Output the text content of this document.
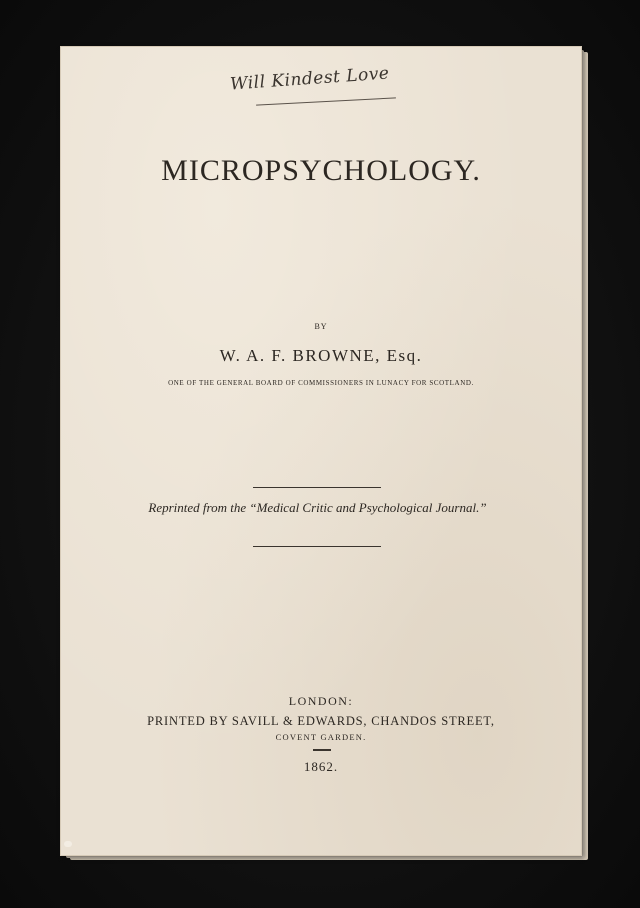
Will Kindest Love
MICROPSYCHOLOGY.
BY
W. A. F. BROWNE, Esq.
ONE OF THE GENERAL BOARD OF COMMISSIONERS IN LUNACY FOR SCOTLAND.
Reprinted from the “Medical Critic and Psychological Journal.”
LONDON:
PRINTED BY SAVILL & EDWARDS, CHANDOS STREET,
COVENT GARDEN.
1862.
